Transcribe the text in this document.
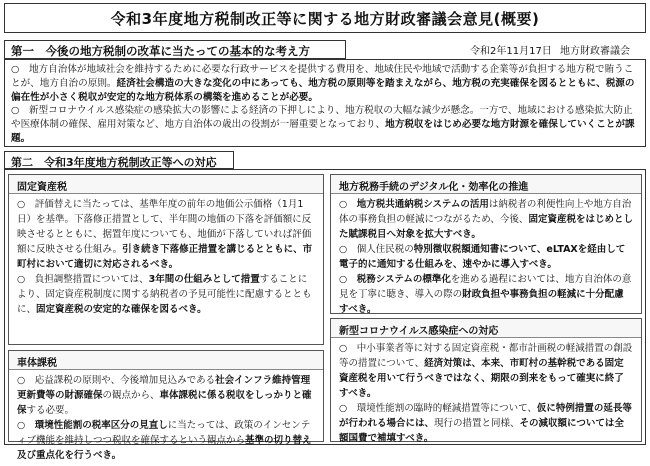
令和3年度地方税制改正等に関する地方財政審議会意見(概要)
第一　今後の地方税制の改革に当たっての基本的な考え方	令和2年11月17日 地方財政審議会

○　地方自治体が地域社会を維持するために必要な行政サービスを提供する費用を、地域住民や地域で活動する企業等が負担する地方税で賄うことが、地方自治の原則。経済社会構造の大きな変化の中にあっても、地方税の原則等を踏まえながら、地方税の充実確保を図るとともに、税源の偏在性が小さく税収が安定的な地方税体系の構築を進めることが必要。

○　新型コロナウイルス感染症の感染拡大の影響による経済の下押しにより、地方税収の大幅な減少が懸念。一方で、地域における感染拡大防止や医療体制の確保、雇用対策など、地方自治体の歳出の役割が一層重要となっており、地方税収をはじめ必要な地方財源を確保していくことが課題。

第二　令和3年度地方税制改正等への対応
固定資産税

○　評価替えに当たっては、基準年度の前年の地価公示価格（1月1日）を基準。下落修正措置として、半年間の地価の下落を評価額に反映させるとともに、据置年度についても、地価が下落していれば評価額に反映させる仕組み。引き続き下落修正措置を講じるとともに、市町村において適切に対応されるべき。

○　負担調整措置については、3年間の仕組みとして措置することにより、固定資産税制度に関する納税者の予見可能性に配慮するとともに、固定資産税の安定的な確保を図るべき。

車体課税

○　応益課税の原則や、今後増加見込みである社会インフラ維持管理更新費等の財源確保の観点から、車体課税に係る税収をしっかりと確保する必要。

○　環境性能割の税率区分の見直しに当たっては、政策のインセンティブ機能を維持しつつ税収を確保するという観点から基準の切り替え及び重点化を行うべき。

地方税務手続のデジタル化・効率化の推進

○　地方税共通納税システムの活用は納税者の利便性向上や地方自治体の事務負担の軽減につながるため、今後、固定資産税をはじめとした賦課税目へ対象を拡大すべき。

○　個人住民税の特別徴収税額通知書について、eLTAXを経由して電子的に通知する仕組みを、速やかに導入すべき。

○　税務システムの標準化を進める過程においては、地方自治体の意見を丁寧に聴き、導入の際の財政負担や事務負担の軽減に十分配慮すべき。

新型コロナウイルス感染症への対応

○　中小事業者等に対する固定資産税・都市計画税の軽減措置の創設等の措置について、経済対策は、本来、市町村の基幹税である固定資産税を用いて行うべきではなく、期限の到来をもって確実に終了すべき。

○　環境性能割の臨時的軽減措置等について、仮に特例措置の延長等が行われる場合には、現行の措置と同様、その減収額については全額国費で補填すべき。
